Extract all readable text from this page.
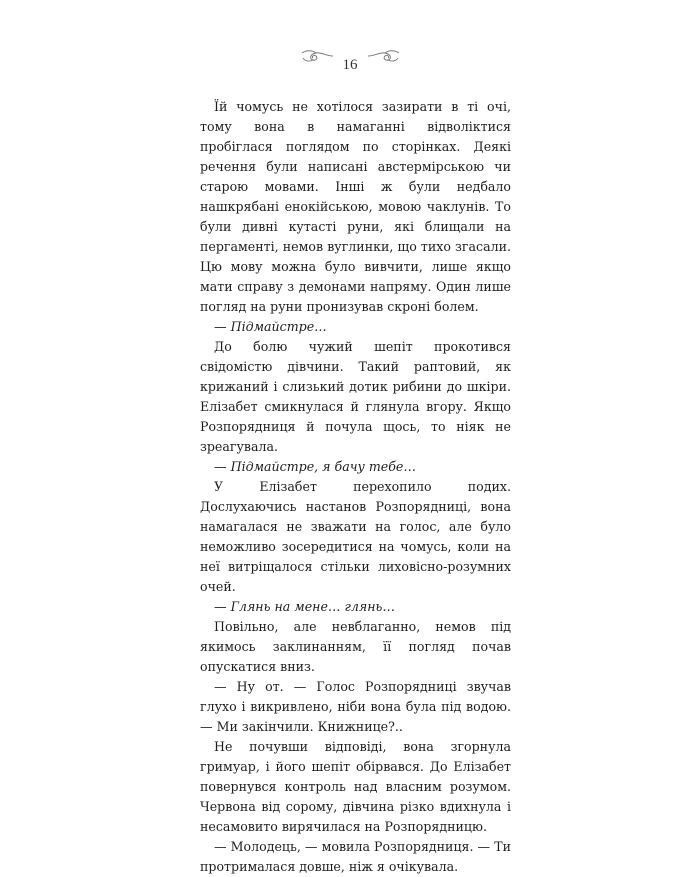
16

Їй чомусь не хотілося зазирати в ті очі, тому вона в намаганні відволіктися пробіглася поглядом по сторінках. Деякі речення були написані австермірською чи старою мовами. Інші ж були недбало нашкрябані енокійською, мовою чаклунів. То були дивні кутасті руни, які блищали на пергаменті, немов вуглинки, що тихо згасали. Цю мову можна було вивчити, лише якщо мати справу з демонами напряму. Один лише погляд на руни пронизував скроні болем.

— Підмайстре…

До болю чужий шепіт прокотився свідомістю дівчини. Такий раптовий, як крижаний і слизький дотик рибини до шкіри. Елізабет смикнулася й глянула вгору. Якщо Розпорядниця й почула щось, то ніяк не зреагувала.

— Підмайстре, я бачу тебе…

У Елізабет перехопило подих. Дослухаючись настанов Розпорядниці, вона намагалася не зважати на голос, але було неможливо зосередитися на чомусь, коли на неї витріщалося стільки лиховісно-розумних очей.

— Глянь на мене… глянь…

Повільно, але невблаганно, немов під якимось заклинанням, її погляд почав опускатися вниз.

— Ну от. — Голос Розпорядниці звучав глухо і викривлено, ніби вона була під водою. — Ми закінчили. Книжнице?..

Не почувши відповіді, вона згорнула гримуар, і його шепіт обірвався. До Елізабет повернувся контроль над власним розумом. Червона від сорому, дівчина різко вдихнула і несамовито вирячилася на Розпорядницю.

— Молодець, — мовила Розпорядниця. — Ти протрималася довше, ніж я очікувала.
